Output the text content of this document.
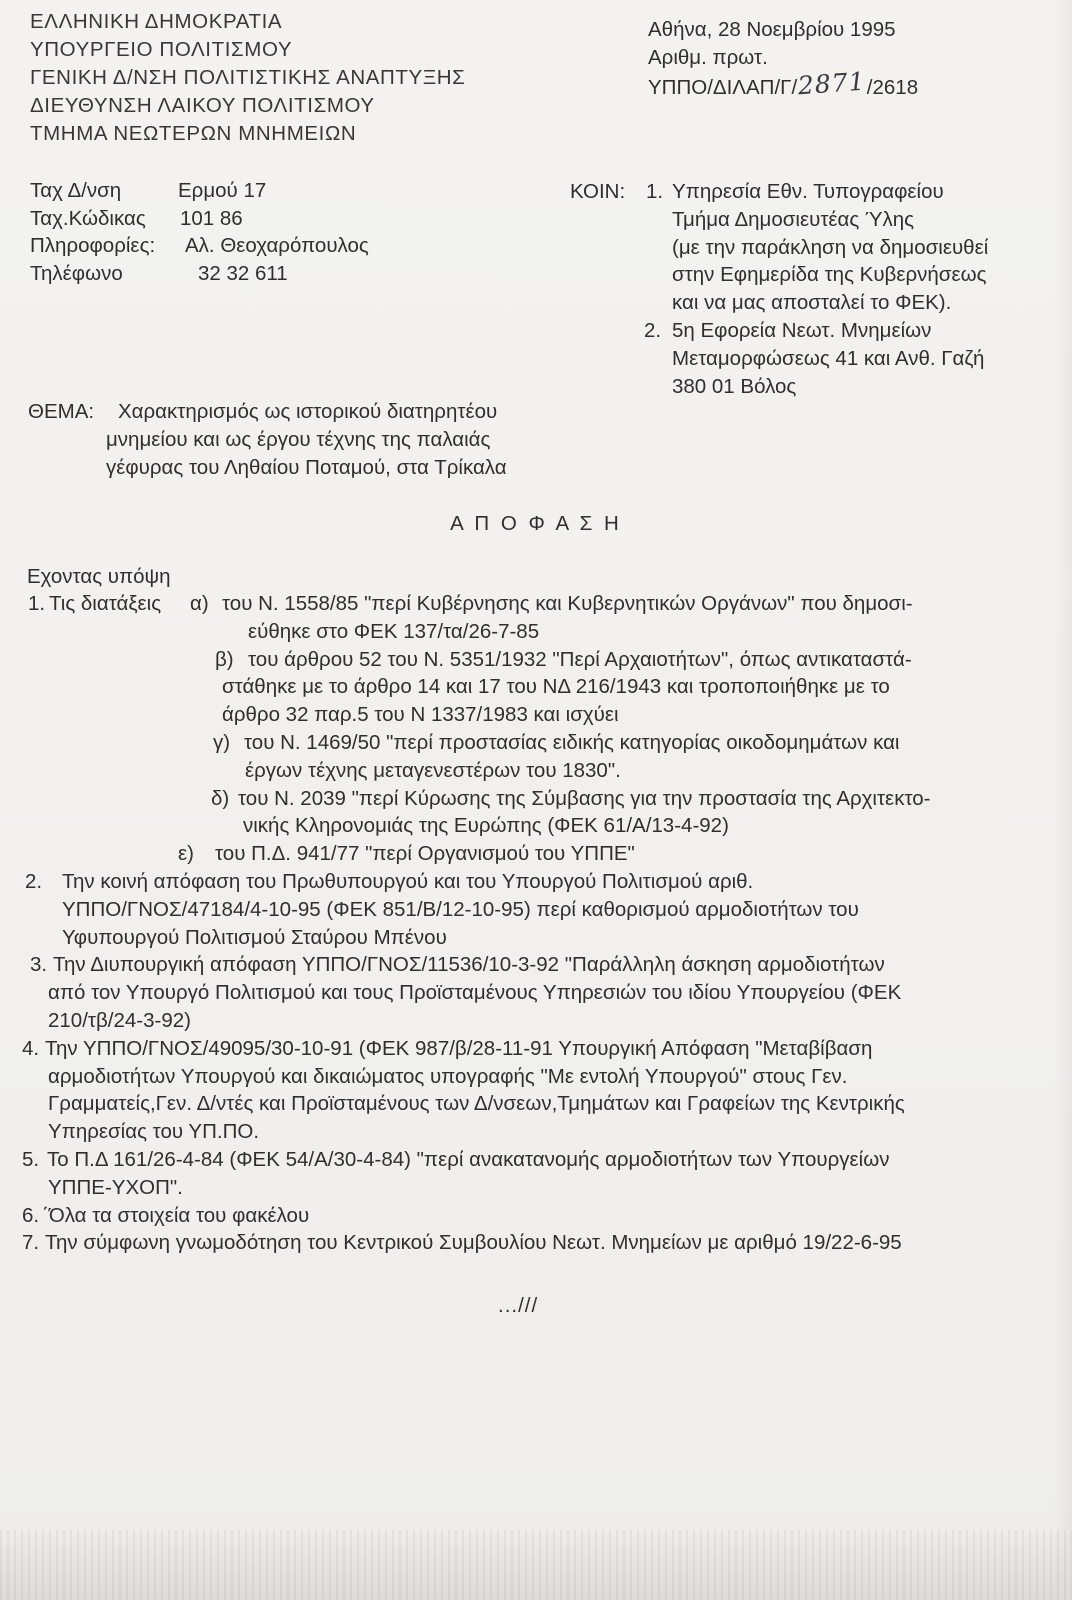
ΕΛΛΗΝΙΚΗ ΔΗΜΟΚΡΑΤΙΑ
ΥΠΟΥΡΓΕΙΟ ΠΟΛΙΤΙΣΜΟΥ
ΓΕΝΙΚΗ Δ/ΝΣΗ ΠΟΛΙΤΙΣΤΙΚΗΣ ΑΝΑΠΤΥΞΗΣ
ΔΙΕΥΘΥΝΣΗ ΛΑΙΚΟΥ ΠΟΛΙΤΙΣΜΟΥ
ΤΜΗΜΑ ΝΕΩΤΕΡΩΝ ΜΝΗΜΕΙΩΝ
Αθήνα, 28 Νοεμβρίου 1995
Αριθμ. πρωτ.
ΥΠΠΟ/ΔΙΛΑΠ/Γ/2871/2618
Ταχ Δ/νση	Ερμού 17
Ταχ.Κώδικας 101 86
Πληροφορίες: Αλ. Θεοχαρόπουλος
Τηλέφωνο	32 32 611
ΚΟΙΝ: 1. Υπηρεσία Εθν. Τυπογραφείου
Τμήμα Δημοσιευτέας Ύλης
(με την παράκληση να δημοσιευθεί
στην Εφημερίδα της Κυβερνήσεως
και να μας αποσταλεί το ΦΕΚ).
2. 5η Εφορεία Νεωτ. Μνημείων
Μεταμορφώσεως 41 και Ανθ. Γαζή
380 01 Βόλος
ΘΕΜΑ: Χαρακτηρισμός ως ιστορικού διατηρητέου
μνημείου και ως έργου τέχνης της παλαιάς
γέφυρας του Ληθαίου Ποταμού, στα Τρίκαλα
Α Π Ο Φ Α Σ Η
Εχοντας υπόψη
1. Τις διατάξεις α) του Ν. 1558/85 "περί Κυβέρνησης και Κυβερνητικών Οργάνων" που δημοσι-
εύθηκε στο ΦΕΚ 137/τα/26-7-85
β) του άρθρου 52 του Ν. 5351/1932 "Περί Αρχαιοτήτων", όπως αντικαταστά-
στάθηκε με το άρθρο 14 και 17 του ΝΔ 216/1943 και τροποποιήθηκε με το
άρθρο 32 παρ.5 του Ν 1337/1983 και ισχύει
γ) του Ν. 1469/50 "περί προστασίας ειδικής κατηγορίας οικοδομημάτων και
έργων τέχνης μεταγενεστέρων του 1830".
δ) του Ν. 2039 "περί Κύρωσης της Σύμβασης για την προστασία της Αρχιτεκτο-
νικής Κληρονομιάς της Ευρώπης (ΦΕΚ 61/Α/13-4-92)
ε) του Π.Δ. 941/77 "περί Οργανισμού του ΥΠΠΕ"
2. Την κοινή απόφαση του Πρωθυπουργού και του Υπουργού Πολιτισμού αριθ.
ΥΠΠΟ/ΓΝΟΣ/47184/4-10-95 (ΦΕΚ 851/Β/12-10-95) περί καθορισμού αρμοδιοτήτων του
Υφυπουργού Πολιτισμού Σταύρου Μπένου
3. Την Διυπουργική απόφαση ΥΠΠΟ/ΓΝΟΣ/11536/10-3-92 "Παράλληλη άσκηση αρμοδιοτήτων
από τον Υπουργό Πολιτισμού και τους Προϊσταμένους Υπηρεσιών του ιδίου Υπουργείου (ΦΕΚ
210/τβ/24-3-92)
4. Την ΥΠΠΟ/ΓΝΟΣ/49095/30-10-91 (ΦΕΚ 987/β/28-11-91 Υπουργική Απόφαση "Μεταβίβαση
αρμοδιοτήτων Υπουργού και δικαιώματος υπογραφής "Με εντολή Υπουργού" στους Γεν.
Γραμματείς,Γεν. Δ/ντές και Προϊσταμένους των Δ/νσεων,Τμημάτων και Γραφείων της Κεντρικής
Υπηρεσίας του ΥΠ.ΠΟ.
5. Το Π.Δ 161/26-4-84 (ΦΕΚ 54/Α/30-4-84) "περί ανακατανομής αρμοδιοτήτων των Υπουργείων
ΥΠΠΕ-ΥΧΟΠ".
6. ΄Όλα τα στοιχεία του φακέλου
7. Την σύμφωνη γνωμοδότηση του Κεντρικού Συμβουλίου Νεωτ. Μνημείων με αριθμό 19/22-6-95
...///
